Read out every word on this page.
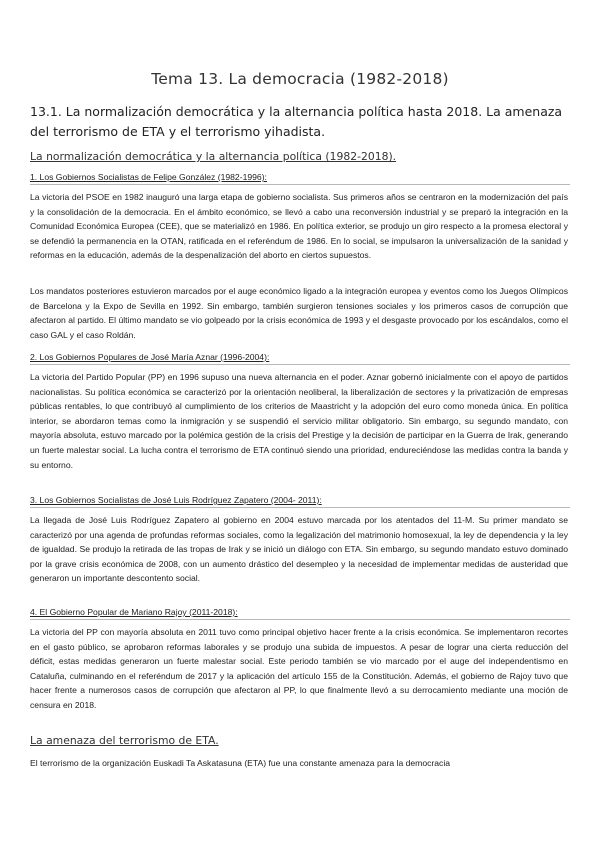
Tema 13. La democracia (1982-2018)
13.1. La normalización democrática y la alternancia política hasta 2018. La amenaza del terrorismo de ETA y el terrorismo yihadista.
La normalización democrática y la alternancia política (1982-2018).
1. Los Gobiernos Socialistas de Felipe González (1982-1996):
La victoria del PSOE en 1982 inauguró una larga etapa de gobierno socialista. Sus primeros años se centraron en la modernización del país y la consolidación de la democracia. En el ámbito económico, se llevó a cabo una reconversión industrial y se preparó la integración en la Comunidad Económica Europea (CEE), que se materializó en 1986. En política exterior, se produjo un giro respecto a la promesa electoral y se defendió la permanencia en la OTAN, ratificada en el referéndum de 1986. En lo social, se impulsaron la universalización de la sanidad y reformas en la educación, además de la despenalización del aborto en ciertos supuestos.
Los mandatos posteriores estuvieron marcados por el auge económico ligado a la integración europea y eventos como los Juegos Olímpicos de Barcelona y la Expo de Sevilla en 1992. Sin embargo, también surgieron tensiones sociales y los primeros casos de corrupción que afectaron al partido. El último mandato se vio golpeado por la crisis económica de 1993 y el desgaste provocado por los escándalos, como el caso GAL y el caso Roldán.
2. Los Gobiernos Populares de José María Aznar (1996-2004):
La victoria del Partido Popular (PP) en 1996 supuso una nueva alternancia en el poder. Aznar gobernó inicialmente con el apoyo de partidos nacionalistas. Su política económica se caracterizó por la orientación neoliberal, la liberalización de sectores y la privatización de empresas públicas rentables, lo que contribuyó al cumplimiento de los criterios de Maastricht y la adopción del euro como moneda única. En política interior, se abordaron temas como la inmigración y se suspendió el servicio militar obligatorio. Sin embargo, su segundo mandato, con mayoría absoluta, estuvo marcado por la polémica gestión de la crisis del Prestige y la decisión de participar en la Guerra de Irak, generando un fuerte malestar social. La lucha contra el terrorismo de ETA continuó siendo una prioridad, endureciéndose las medidas contra la banda y su entorno.
3. Los Gobiernos Socialistas de José Luis Rodríguez Zapatero (2004- 2011):
La llegada de José Luis Rodríguez Zapatero al gobierno en 2004 estuvo marcada por los atentados del 11-M. Su primer mandato se caracterizó por una agenda de profundas reformas sociales, como la legalización del matrimonio homosexual, la ley de dependencia y la ley de igualdad. Se produjo la retirada de las tropas de Irak y se inició un diálogo con ETA. Sin embargo, su segundo mandato estuvo dominado por la grave crisis económica de 2008, con un aumento drástico del desempleo y la necesidad de implementar medidas de austeridad que generaron un importante descontento social.
4. El Gobierno Popular de Mariano Rajoy (2011-2018):
La victoria del PP con mayoría absoluta en 2011 tuvo como principal objetivo hacer frente a la crisis económica. Se implementaron recortes en el gasto público, se aprobaron reformas laborales y se produjo una subida de impuestos. A pesar de lograr una cierta reducción del déficit, estas medidas generaron un fuerte malestar social. Este periodo también se vio marcado por el auge del independentismo en Cataluña, culminando en el referéndum de 2017 y la aplicación del artículo 155 de la Constitución. Además, el gobierno de Rajoy tuvo que hacer frente a numerosos casos de corrupción que afectaron al PP, lo que finalmente llevó a su derrocamiento mediante una moción de censura en 2018.
La amenaza del terrorismo de ETA.
El terrorismo de la organización Euskadi Ta Askatasuna (ETA) fue una constante amenaza para la democracia
